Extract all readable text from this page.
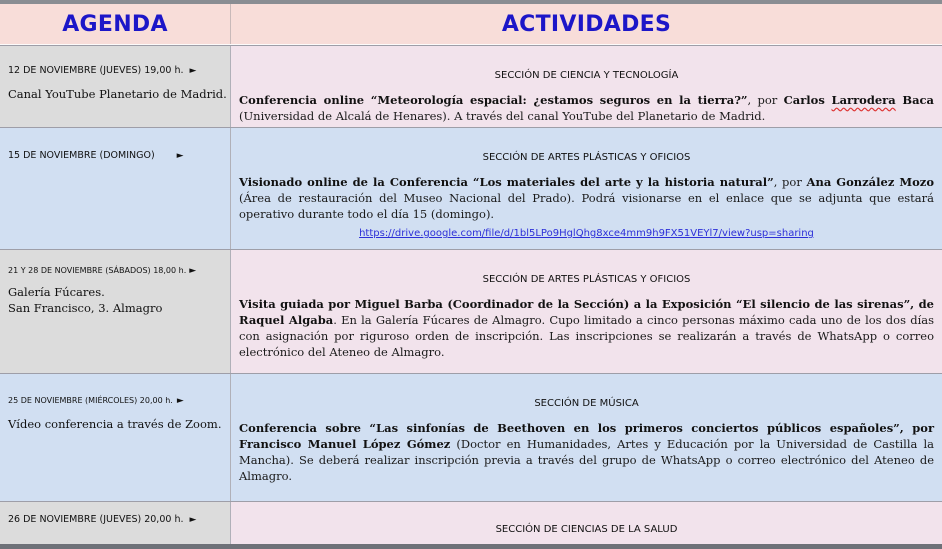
AGENDA	ACTIVIDADES
12 DE NOVIEMBRE (JUEVES) 19,00 h. ►
Canal YouTube Planetario de Madrid.
SECCIÓN DE CIENCIA Y TECNOLOGÍA
Conferencia online “Meteorología espacial: ¿estamos seguros en la tierra?”, por Carlos Larrodera Baca (Universidad de Alcalá de Henares). A través del canal YouTube del Planetario de Madrid.
15 DE NOVIEMBRE (DOMINGO) ►	SECCIÓN DE ARTES PLÁSTICAS Y OFICIOS
Visionado online de la Conferencia “Los materiales del arte y la historia natural”, por Ana González Mozo (Área de restauración del Museo Nacional del Prado). Podrá visionarse en el enlace que se adjunta que estará operativo durante todo el día 15 (domingo).
https://drive.google.com/file/d/1bl5LPo9HglQhg8xce4mm9h9FX51VEYl7/view?usp=sharing
21 Y 28 DE NOVIEMBRE (SÁBADOS) 18,00 h. ►
Galería Fúcares.
San Francisco, 3. Almagro
SECCIÓN DE ARTES PLÁSTICAS Y OFICIOS
Visita guiada por Miguel Barba (Coordinador de la Sección) a la Exposición “El silencio de las sirenas”, de Raquel Algaba. En la Galería Fúcares de Almagro. Cupo limitado a cinco personas máximo cada uno de los dos días con asignación por riguroso orden de inscripción. Las inscripciones se realizarán a través de WhatsApp o correo electrónico del Ateneo de Almagro.
25 DE NOVIEMBRE (MIÉRCOLES) 20,00 h. ►
Vídeo conferencia a través de Zoom.
SECCIÓN DE MÚSICA
Conferencia sobre “Las sinfonías de Beethoven en los primeros conciertos públicos españoles”, por Francisco Manuel López Gómez (Doctor en Humanidades, Artes y Educación por la Universidad de Castilla la Mancha). Se deberá realizar inscripción previa a través del grupo de WhatsApp o correo electrónico del Ateneo de Almagro.
26 DE NOVIEMBRE (JUEVES) 20,00 h. ►
SECCIÓN DE CIENCIAS DE LA SALUD
